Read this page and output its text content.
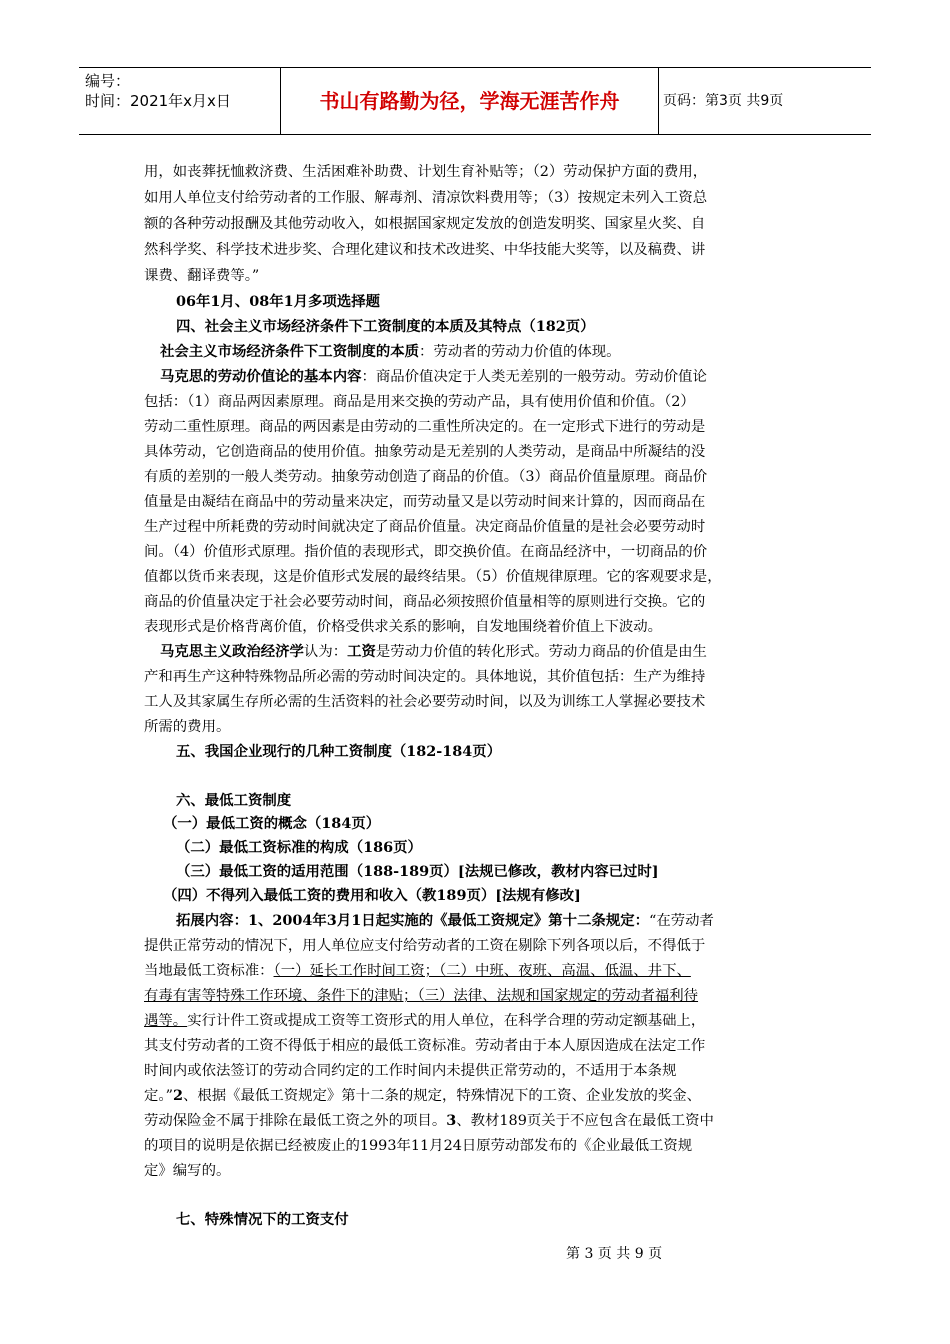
编号：
时间：2021年x月x日	书山有路勤为径，学海无涯苦作舟	页码：第3页 共9页
用，如丧葬抚恤救济费、生活困难补助费、计划生育补贴等；（2）劳动保护方面的费用，
如用人单位支付给劳动者的工作服、解毒剂、清凉饮料费用等；（3）按规定未列入工资总
额的各种劳动报酬及其他劳动收入，如根据国家规定发放的创造发明奖、国家星火奖、自
然科学奖、科学技术进步奖、合理化建议和技术改进奖、中华技能大奖等，以及稿费、讲
课费、翻译费等。”
06年1月、08年1月多项选择题
四、社会主义市场经济条件下工资制度的本质及其特点（182页）
社会主义市场经济条件下工资制度的本质：劳动者的劳动力价值的体现。
马克思的劳动价值论的基本内容：商品价值决定于人类无差别的一般劳动。劳动价值论
包括：（1）商品两因素原理。商品是用来交换的劳动产品，具有使用价值和价值。（2）
劳动二重性原理。商品的两因素是由劳动的二重性所决定的。在一定形式下进行的劳动是
具体劳动，它创造商品的使用价值。抽象劳动是无差别的人类劳动，是商品中所凝结的没
有质的差别的一般人类劳动。抽象劳动创造了商品的价值。（3）商品价值量原理。商品价
值量是由凝结在商品中的劳动量来决定，而劳动量又是以劳动时间来计算的，因而商品在
生产过程中所耗费的劳动时间就决定了商品价值量。决定商品价值量的是社会必要劳动时
间。（4）价值形式原理。指价值的表现形式，即交换价值。在商品经济中，一切商品的价
值都以货币来表现，这是价值形式发展的最终结果。（5）价值规律原理。它的客观要求是，
商品的价值量决定于社会必要劳动时间，商品必须按照价值量相等的原则进行交换。它的
表现形式是价格背离价值，价格受供求关系的影响，自发地围绕着价值上下波动。
马克思主义政治经济学认为：工资是劳动力价值的转化形式。劳动力商品的价值是由生
产和再生产这种特殊物品所必需的劳动时间决定的。具体地说，其价值包括：生产为维持
工人及其家属生存所必需的生活资料的社会必要劳动时间，以及为训练工人掌握必要技术
所需的费用。
五、我国企业现行的几种工资制度（182-184页）
六、最低工资制度
（一）最低工资的概念（184页）
（二）最低工资标准的构成（186页）
（三）最低工资的适用范围（188-189页）[法规已修改，教材内容已过时]
（四）不得列入最低工资的费用和收入（教189页）[法规有修改]
拓展内容：1、2004年3月1日起实施的《最低工资规定》第十二条规定：“在劳动者
提供正常劳动的情况下，用人单位应支付给劳动者的工资在剔除下列各项以后，不得低于
当地最低工资标准：（一）延长工作时间工资；（二）中班、夜班、高温、低温、井下、
有毒有害等特殊工作环境、条件下的津贴；（三）法律、法规和国家规定的劳动者福利待
遇等。实行计件工资或提成工资等工资形式的用人单位，在科学合理的劳动定额基础上，
其支付劳动者的工资不得低于相应的最低工资标准。劳动者由于本人原因造成在法定工作
时间内或依法签订的劳动合同约定的工作时间内未提供正常劳动的，不适用于本条规
定。”2、根据《最低工资规定》第十二条的规定，特殊情况下的工资、企业发放的奖金、
劳动保险金不属于排除在最低工资之外的项目。3、教材189页关于不应包含在最低工资中
的项目的说明是依据已经被废止的1993年11月24日原劳动部发布的《企业最低工资规
定》编写的。
七、特殊情况下的工资支付
第 3 页 共 9 页
